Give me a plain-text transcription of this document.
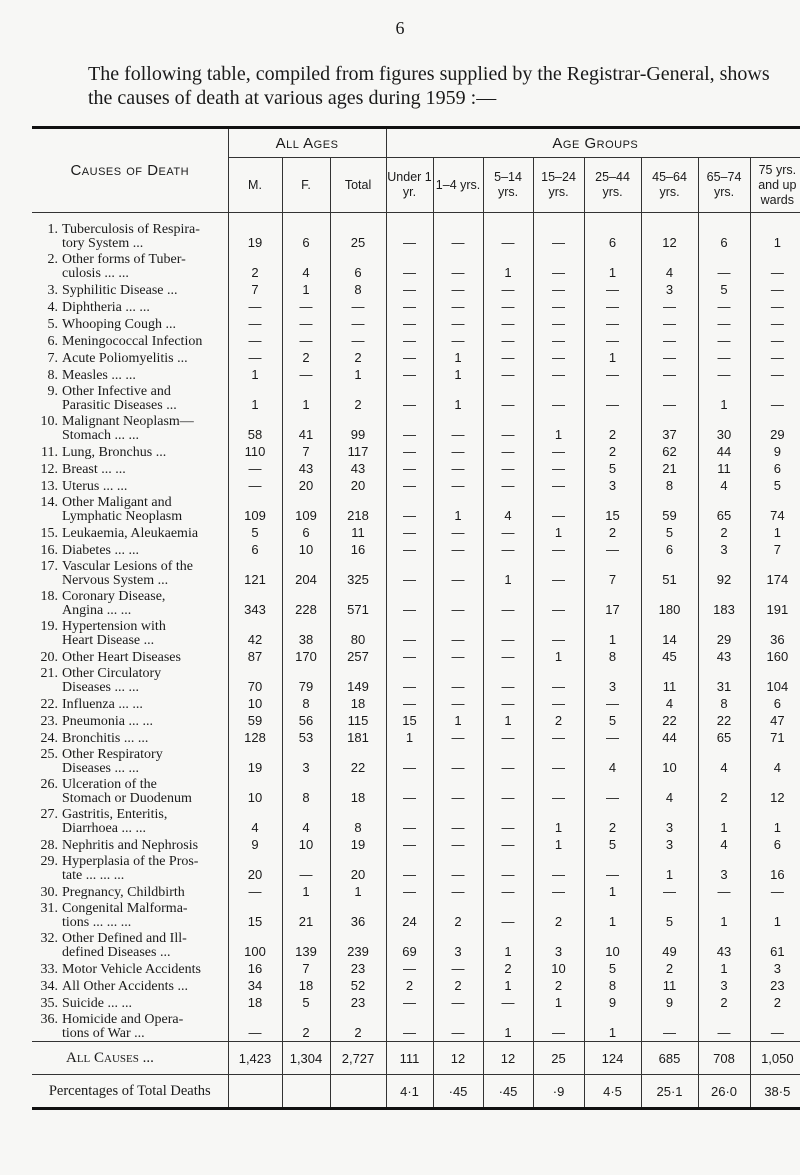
6
The following table, compiled from figures supplied by the Registrar-General, shows the causes of death at various ages during 1959 :—
Causes of Death	All Ages			Age Groups							
	M.	F.	Total	Under 1 yr.	1–4 yrs.	5–14 yrs.	15–24 yrs.	25–44 yrs.	45–64 yrs.	65–74 yrs.	75 yrs. and up wards

1. Tuberculosis of Respira-
tory System ...	19	6	25	—	—	—	—	6	12	6	1

2. Other forms of Tuber-
culosis ... ...	2	4	6	—	—	1	—	1	4	—	—

3. Syphilitic Disease ...	7	1	8	—	—	—	—	—	3	5	—

4. Diphtheria ... ...	—	—	—	—	—	—	—	—	—	—	—

5. Whooping Cough ...	—	—	—	—	—	—	—	—	—	—	—

6. Meningococcal Infection	—	—	—	—	—	—	—	—	—	—	—

7. Acute Poliomyelitis ...	—	2	2	—	1	—	—	1	—	—	—

8. Measles ... ...	1	—	1	—	1	—	—	—	—	—	—

9. Other Infective and
Parasitic Diseases ...	1	1	2	—	1	—	—	—	—	1	—

10. Malignant Neoplasm—
Stomach ... ...	58	41	99	—	—	—	1	2	37	30	29

11. Lung, Bronchus ...	110	7	117	—	—	—	—	2	62	44	9

12. Breast ... ...	—	43	43	—	—	—	—	5	21	11	6

13. Uterus ... ...	—	20	20	—	—	—	—	3	8	4	5

14. Other Maligant and
Lymphatic Neoplasm	109	109	218	—	1	4	—	15	59	65	74

15. Leukaemia, Aleukaemia	5	6	11	—	—	—	1	2	5	2	1

16. Diabetes ... ...	6	10	16	—	—	—	—	—	6	3	7

17. Vascular Lesions of the
Nervous System ...	121	204	325	—	—	1	—	7	51	92	174

18. Coronary Disease,
Angina ... ...	343	228	571	—	—	—	—	17	180	183	191

19. Hypertension with
Heart Disease ...	42	38	80	—	—	—	—	1	14	29	36

20. Other Heart Diseases	87	170	257	—	—	—	1	8	45	43	160

21. Other Circulatory
Diseases ... ...	70	79	149	—	—	—	—	3	11	31	104

22. Influenza ... ...	10	8	18	—	—	—	—	—	4	8	6

23. Pneumonia ... ...	59	56	115	15	1	1	2	5	22	22	47

24. Bronchitis ... ...	128	53	181	1	—	—	—	—	44	65	71

25. Other Respiratory
Diseases ... ...	19	3	22	—	—	—	—	4	10	4	4

26. Ulceration of the
Stomach or Duodenum	10	8	18	—	—	—	—	—	4	2	12

27. Gastritis, Enteritis,
Diarrhoea ... ...	4	4	8	—	—	—	1	2	3	1	1

28. Nephritis and Nephrosis	9	10	19	—	—	—	1	5	3	4	6

29. Hyperplasia of the Pros-
tate ... ... ...	20	—	20	—	—	—	—	—	1	3	16

30. Pregnancy, Childbirth	—	1	1	—	—	—	—	1	—	—	—

31. Congenital Malforma-
tions ... ... ...	15	21	36	24	2	—	2	1	5	1	1

32. Other Defined and Ill-
defined Diseases ...	100	139	239	69	3	1	3	10	49	43	61

33. Motor Vehicle Accidents	16	7	23	—	—	2	10	5	2	1	3

34. All Other Accidents ...	34	18	52	2	2	1	2	8	11	3	23

35. Suicide ... ...	18	5	23	—	—	—	1	9	9	2	2

36. Homicide and Opera-
tions of War ...	—	2	2	—	—	1	—	1	—	—	—
All Causes ...	1,423	1,304	2,727	111	12	12	25	124	685	708	1,050
Percentages of Total Deaths				4·1	·45	·45	·9	4·5	25·1	26·0	38·5
